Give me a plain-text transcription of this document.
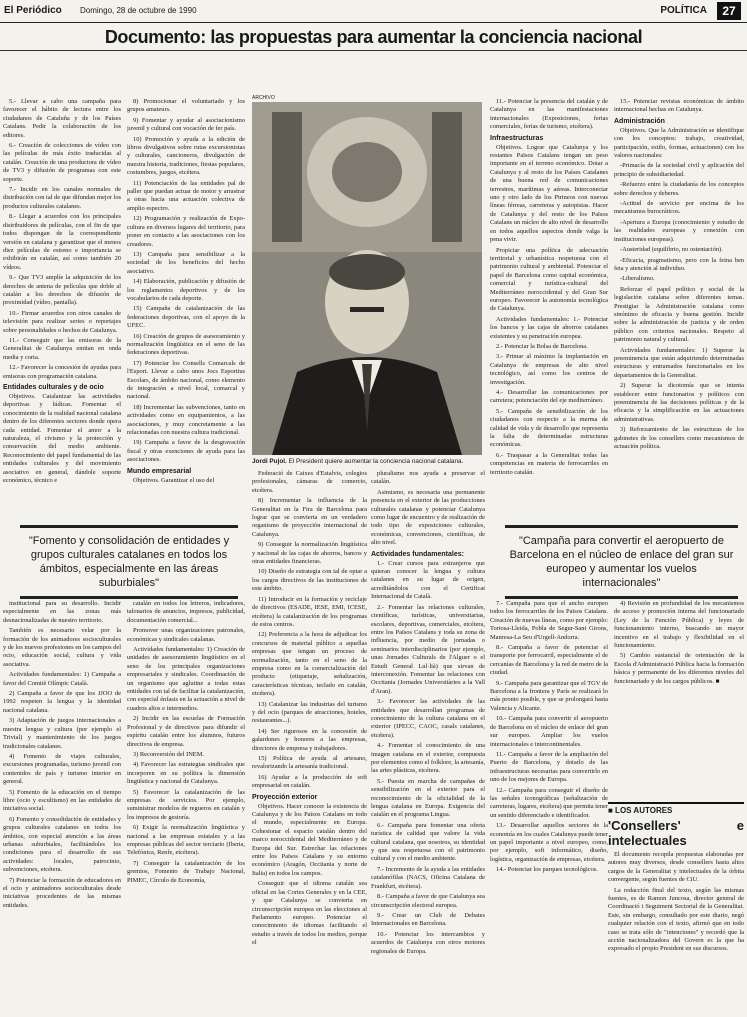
El Periódico Domingo, 28 de octubre de 1990	POLÍTICA	27
Documento: las propuestas para aumentar la conciencia nacional

5.- Llevar a cabo una campaña para favorecer el hábito de lectura entre los ciudadanos de Cataluña y de los Países Catalans. Pedir la colaboración de los editores.

6.- Creación de colecciones de vídeo con las películas de más éxito traducidas al catalán. Creación de una productora de vídeo de TV3 y difusión de programas con este soporte.

7.- Incidir en los canales normales de distribución con tal de que difundan mejor los productos culturales catalanes.

8.- Llegar a acuerdos con los principales distribuidores de películas, con el fin de que todos dispongan de la correspondiente versión en catalana y garantizar que el menos diez películas de estreno e importancia se exhibirán en catalán, así como también 20 vídeos.

9.- Que TV3 amplíe la adquisición de los derechos de antena de películas que doble al catalán a los derechos de difusión de proximidad (vídeo, pantalla).

10.- Firmar acuerdos con otros canales de televisión para realizar series o reportajes sobre personalidades o hechos de Catalunya.

11.- Conseguir que las emisoras de la Generalitat de Catalunya emitan en onda media y corta.

12.- Favorecer la concesión de ayudas para emisoras con programación catalana.

Entidades culturales y de ocio

Objetivos. Catalanizar las actividades deportivas y lúdicas. Fomentar el conocimiento de la realidad nacional catalana dentro de los diferentes sectores donde opera cada entidad. Fomentar el amor a la naturaleza, el civismo y la protección y conservación del medio ambiente. Reconocimiento del papel fundamental de las entidades culturales y del movimiento asociativo en general, dándole soporte económico, técnico e

8) Promocionar el voluntariado y los grupos amateurs.

9) Fomentar y ayudar al asociacionismo juvenil y cultural con vocación de fer país.

10) Promoción y ayuda a la edición de libros divulgativos sobre rutas excursionistas y culturales, cancioneros, divulgación de nuestra historia, tradiciones, fiestas populares, costumbres, juegos, etcétera.

11) Potenciación de las entidades pal de paller que puedan actuar de motor y arrastrar a otras hacia una actuación colectiva de amplio espectro.

12) Programación y realización de Expo-cultura en diversos lugares del territorio, para poner en contacto a las asociaciones con los creadores.

13) Campaña para sensibilizar a la sociedad de los beneficios del hecho asociativo.

14) Elaboración, publicación y difusión de los reglamentos deportivos y de los vocabularios de cada deporte.

15) Campaña de catalanización de las federaciones deportivas, con el apoyo de la UFEC.

16) Creación de grupos de asesoramiento y normalización lingüística en el seno de las federaciones deportivas.

17) Potenciar los Consells Comarcals de l'Esport. Llevar a cabo unos Jocs Esportius Escolars, de ámbito nacional, como elemento de integración a nivel local, comarcal y nacional.

18) Incrementar las subvenciones, tanto en actividades como en equipamientos, a las asociaciones, y muy concretamente a las relacionadas con nuestra cultura tradicional.

19) Campaña a favor de la desgravación fiscal y otras exenciones de ayuda para las asociaciones.

Mundo empresarial

Objetivos. Garantizar el uso del

ARCHIVO
Jordi Pujol. El President quiere aumentar la conciencia nacional catalana.

Federació de Caixes d'Estalvis, colegios profesionales, cámaras de comercio, etcétera.

8) Incrementar la influencia de la Generalitat en la Fira de Barcelona para lograr que se convierta en un verdadero organismo de proyección internacional de Catalunya.

9) Conseguir la normalización lingüística y nacional de las cajas de ahorros, bancos y otras entidades financieras.

10) Diseño de estrategia con tal de optar a los cargos directivos de las instituciones de este ámbito.

11) Introducir en la formación y reciclaje de directivos (ESADE, IESE, EMI, ICESE, etcétera) la catalanización de los programas de estos centros.

12) Preferencia a la hora de adjudicar los concursos de material público a aquellas empresas que tengan un proceso de normalización, tanto en el seno de la empresa como en la comercialización del producto (etiquetaje, señalización, características técnicas, teclado en catalán, etcétera).

13) Catalanizar las industrias del turismo y del ocio (parques de atracciones, hoteles, restaurantes...).

14) Ser rigurosos en la concesión de galardones y honores a las empresas, directores de empresa y trabajadores.

15) Política de ayuda al artesano, revalorizando la artesanía tradicional.

16) Ayudar a la producción de soft empresarial en catalán.

Proyección exterior

Objetivos. Hacer conocer la existencia de Catalunya y de los Països Catalans en todo el mundo, especialmente en Europa. Cohesionar el espacio catalán dentro del marco noroccidental del Mediterráneo y de Europa del Sur. Estrechar las relaciones entre los Països Catalans y su entorno económico (Aragón, Occitania y norte de Italia) en todos los campos.

Conseguir que el idioma catalán sea oficial en las Cortes Generales y en la CEE, y que Catalunya se convierta en circunscripción europea en las elecciones al Parlamento europeo. Potenciar el conocimiento de idiomas facilitando el estudio a través de todos los medios, porque el

pluralismo nos ayuda a preservar el catalán.

Asimismo, es necesaria una permanente presencia en el exterior de las producciones culturales catalanas y potenciar Catalunya como lugar de encuentro y de realización de todo tipo de exposiciones culturales, económicas, convenciones, científicas, de alto nivel.

Actividades fundamentales:

1.- Crear cursos para extranjeros que quieran conocer la lengua y cultura catalanes en su lugar de origen, acreditándolos con el Certificat Internacional de Català.

2.- Fomentar las relaciones culturales, científicas, turísticas, universitarias, escolares, deportivas, comerciales, etcétera, entre los Països Catalans y toda su zona de influencia, por medio de jornadas o seminarios interdisciplinarios (por ejemplo, unas Jornades Culturals de l'Alguer o el Estudi General Lul·lià) que sirvan de interconexión. Fomentar las relaciones con Occitania (Jornades Universitàries a la Vall d'Aran).

3.- Favorecer las actividades de las entidades que desarrollan programas de conocimiento de la cultura catalana en el exterior (IPECC, CAOC, casals catalanes, etcétera).

4.- Fomentar el conocimiento de una imagen catalana en el exterior, compuesta por elementos como el folklore, la artesanía, las artes plásticas, etcétera.

5.- Puesta en marcha de campañas de sensibilización en el exterior para el reconocimiento de la oficialidad de la lengua catalana en Europa. Exigencia del catalán en el programa Lingua.

6.- Campaña para fomentar una oferta turística de calidad que valore la vida cultural catalana, que nosotros, su identidad y que sea respetuosa con el patrimonio cultural y con el medio ambiente.

7.- Incremento de la ayuda a las entidades catalanófilas (NACS, Oficina Catalana de Frankfurt, etcétera).

8.- Campaña a favor de que Catalunya sea circunscripción electoral europea.

9.- Crear un Club de Debates Internacionales en Barcelona.

10.- Potenciar los intercambios y acuerdos de Catalunya con otros motores regionales de Europa.

11.- Potenciar la presencia del catalán y de Catalunya en las manifestaciones internacionales (Exposiciones, ferias comerciales, ferias de turismo, etcétera).

Infraestructuras

Objetivos. Lograr que Catalunya y los restantes Països Catalans tengan un peso importante en el terreno económico. Dotar a Catalunya y al resto de los Países Catalanes de una buena red de comunicaciones terrestres, marítimas y aéreas. Interconectar uno y otro lado de los Pirineos con nuevas líneas férreas, carreteras y autopistas. Hacer de Catalunya y del resto de los Països Catalans un núcleo de alto nivel de desarrollo en todos aquellos aspectos donde valga la pena vivir.

Propiciar una política de adecuación territorial y urbanística respetuosa con el patrimonio cultural y ambiental. Potenciar el papel de Barcelona como capital económica, comercial y turística-cultural del Mediterráneo noroccidental y del Gran Sur europeo. Favorecer la autonomía tecnológica de Catalunya.

Actividades fundamentales: 1.- Potenciar los bancos y las cajas de ahorros catalanes existentes y su penetración europea.

2.- Potenciar la Bolsa de Barcelona.

3.- Primar al máximo la implantación en Catalunya de empresas de alto nivel tecnológico, así como los centros de investigación.

4.- Desarrollar las comunicaciones por carretera; potenciación del eje mediterráneo.

5.- Campaña de sensibilización de los ciudadanos con respecto a la merma de calidad de vida y de desarrollo que representa la falta de determinadas estructuras económicas.

6.- Traspasar a la Generalitat todas las competencias en materia de ferrocarriles en territorio catalán.

15.- Potenciar revistas económicas de ámbito internacional hechas en Catalunya.

Administración

Objetivos. Que la Administración se identifique con los conceptos: trabajo, creatividad, participación, estilo, formas, actuaciones) con los valores nacionales:

-Primacía de la sociedad civil y aplicación del principio de subsidiariedad.

-Refuerzo entre la ciudadanía de los conceptos sobre derechos y deberes.

-Actitud de servicio por encima de los mecanismos burocráticos.

-Apertura a Europa (conocimiento y estudio de las realidades europeas y conexión con instituciones europeas).

-Austeridad (equilibrio, no ostentación).

-Eficacia, pragmatismo, pero con la feina ben feta y atención al individuo.

-Liberalismo.

Reforzar el papel político y social de la legislación catalana sobre diferentes temas. Prestigiar la Administración catalana como sinónimo de eficacia y buena gestión. Incidir sobre la administración de justicia y de orden público con criterios nacionales. Respeto al patrimonio natural y cultural.

Actividades fundamentales: 1) Superar la preeminencia que están adquiriendo determinadas estructuras y entramados funcionariales en los departamentos de la Generalitat.

2) Superar la dicotomía que se intenta establecer entre funcionarios y políticos con preeminencia de las decisiones políticas y de la eficacia y la simplificación en las actuaciones administrativas.

3) Reforzamiento de las estructuras de los gabinetes de los consellers como mecanismos de actuación política.

"Fomento y consolidación de entidades y grupos culturales catalanes en todos los ámbitos, especialmente en las áreas suburbiales"
"Campaña para convertir el aeropuerto de Barcelona en el núcleo de enlace del gran sur europeo y aumentar los vuelos internacionales"

institucional para su desarrollo. Incidir especialmente en las zonas más desnacionalizadas de nuestro territorio.

También es necesario velar por la formación de los animadores socioculturales y de los nuevos profesiones en los campos del ocio, educación social, cultura y vida asociativa.

Actividades fundamentales: 1) Campaña a favor del Comitè Olímpic Català.

2) Campaña a favor de que los JJOO de 1992 respeten la lengua y la identidad nacional catalana.

3) Adaptación de juegos internacionales a nuestra lengua y cultura (por ejemplo el Trivial) y mantenimiento de los juegos tradicionales catalanes.

4) Fomento de viajes culturales, excursiones programadas, turismo juvenil con contenidos de país y turismo interior en general.

5) Fomento de la educación en el tiempo libre (ocio y escultismo) en las entidades de iniciativa social.

6) Fomento y consolidación de entidades y grupos culturales catalanes en todos los ámbitos, con especial atención a las áreas urbanas suburbiales, facilitándoles los condiciones para el desarrollo de sus actividades: locales, patrocinio, subvenciones, etcétera.

7) Potenciar la formación de educadores en el ocio y animadores socioculturales desde iniciativas procedentes de las mismas entidades.

catalán en todos los letreros, indicadores, talonarios de anuncios, impresos, publicidad, documentación comercial...

Promover unas organizaciones patronales, económicas y sindicales catalanas.

Actividades fundamentales: 1) Creación de unidades de asesoramiento lingüístico en el seno de los principales organizaciones empresariales y sindicales. Coordinación de un organismo que aglutine a todas estas entidades con tal de facilitar la catalanización, con especial énfasis en la actuación a nivel de cuadros altos e intermedios.

2) Incidir en las escuelas de Formación Profesional y de directivos para difundir el espíritu catalán entre los alumnos, futuros directivos de empresa.

3) Reconversión del INEM.

4) Favorecer las estrategias sindicales que incorporen en su política la dimensión lingüística y nacional de Catalunya.

5) Favorecer la catalanización de las empresas de servicios. Por ejemplo, suministrar modelos de regueros en catalán y los impresos de gestoría.

6) Exigir la normalización lingüística y nacional a las empresas estatales y a las empresas públicas del sector terciario (Iberia, Telefónica, Renfe, etcétera).

7) Conseguir la catalanización de los gremios, Fomento de Trabajo Nacional, PIMEC, Círculo de Economía,

7.- Campaña para que el ancho europeo todos los ferrocarriles de los Països Catalans. Creación de nuevas líneas, como por ejemplo: Tortosa-Lleida, Pobla de Segur-Sant Girons, Manresa-La Seu d'Urgell-Andorra.

8.- Campaña a favor de potenciar el transporte por ferrocarril, especialmente el de cercanías de Barcelona y la red de metro de la ciudad.

9.- Campaña para garantizar que el TGV de Barcelona a la frontera y París se realizará lo más pronto posible, y que se prolongará hasta Valencia y Alicante.

10.- Campaña para convertir el aeropuerto de Barcelona en el núcleo de enlace del gran sur europeo. Ampliar los vuelos internacionales e intercontinentales.

11.- Campaña a favor de la ampliación del Puerto de Barcelona, y dotarlo de las infraestructuras necesarias para convertirlo en uno de los mejores de Europa.

12.- Campaña para conseguir el diseño de las señales iconográficas (señalización de carreteras, lugares, etcétera) que permita tener un sentido diferenciado e identificador.

13.- Desarrollar aquellos sectores de la economía en los cuales Catalunya puede tener un papel importante a nivel europeo, como, por ejemplo, soft informático, diseño, logística, organización de empresas, etcétera.

14.- Potenciar los parques tecnológicos.

4) Revisión en profundidad de los mecanismos de acceso y promoción interna del funcionariado (Ley de la Función Pública) y leyes de funcionamiento interno, buscando un mayor incentivo en el trabajo y flexibilidad en el funcionamiento.

5) Cambio sustancial de orientación de la Escola d'Administració Pública hacia la formación básica y permanente de los diferentes niveles del funcionariado y de los cargos públicos. ■

■ LOS AUTORES
'Consellers' e intelectuales

El documento recopila propuestas elaboradas por autores muy diversos, desde consellers hasta altos cargos de la Generalitat y intelectuales de la órbita convergente, según fuentes de CiU.

La redacción final del texto, según las mismas fuentes, es de Ramon Juncosa, director general de Coordinació i Seguiment Sectorial de la Generalitat. Este, sin embargo, consultado por este diario, negó cualquier relación con el texto, afirmó que en todo caso se trata sólo de "intenciones" y recordó que la acción nacionalizadora del Govern es la que ha expresado el propio President en sus discursos.
